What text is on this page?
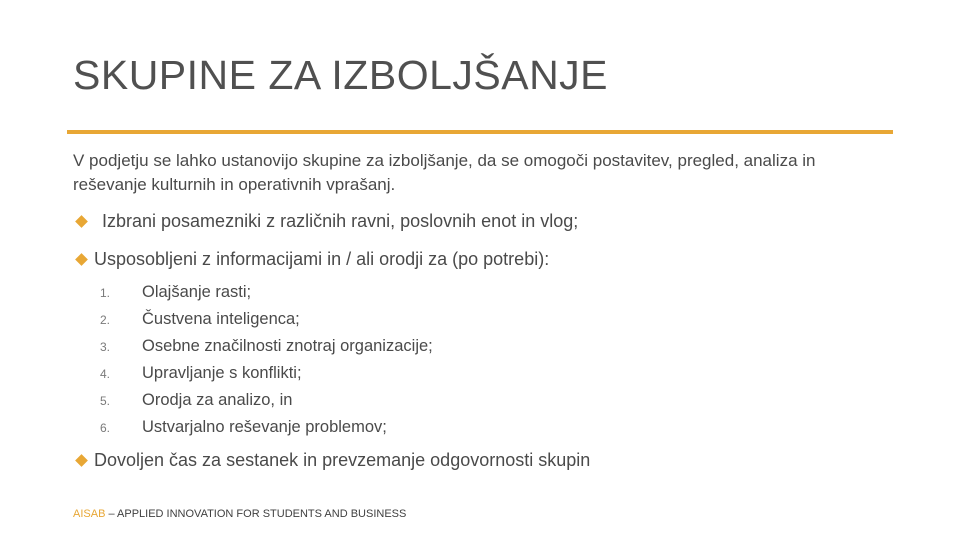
SKUPINE ZA IZBOLJŠANJE
V podjetju se lahko ustanovijo skupine za izboljšanje, da se omogoči postavitev, pregled, analiza in reševanje kulturnih in operativnih vprašanj.
Izbrani posamezniki z različnih ravni, poslovnih enot in vlog;
Usposobljeni z informacijami in / ali orodji za (po potrebi):
1.	Olajšanje rasti;
2.	Čustvena inteligenca;
3.	Osebne značilnosti znotraj organizacije;
4.	Upravljanje s konflikti;
5.	Orodja za analizo, in
6.	Ustvarjalno reševanje problemov;
Dovoljen čas za sestanek in prevzemanje odgovornosti skupin
AISAB – APPLIED INNOVATION FOR STUDENTS AND BUSINESS
